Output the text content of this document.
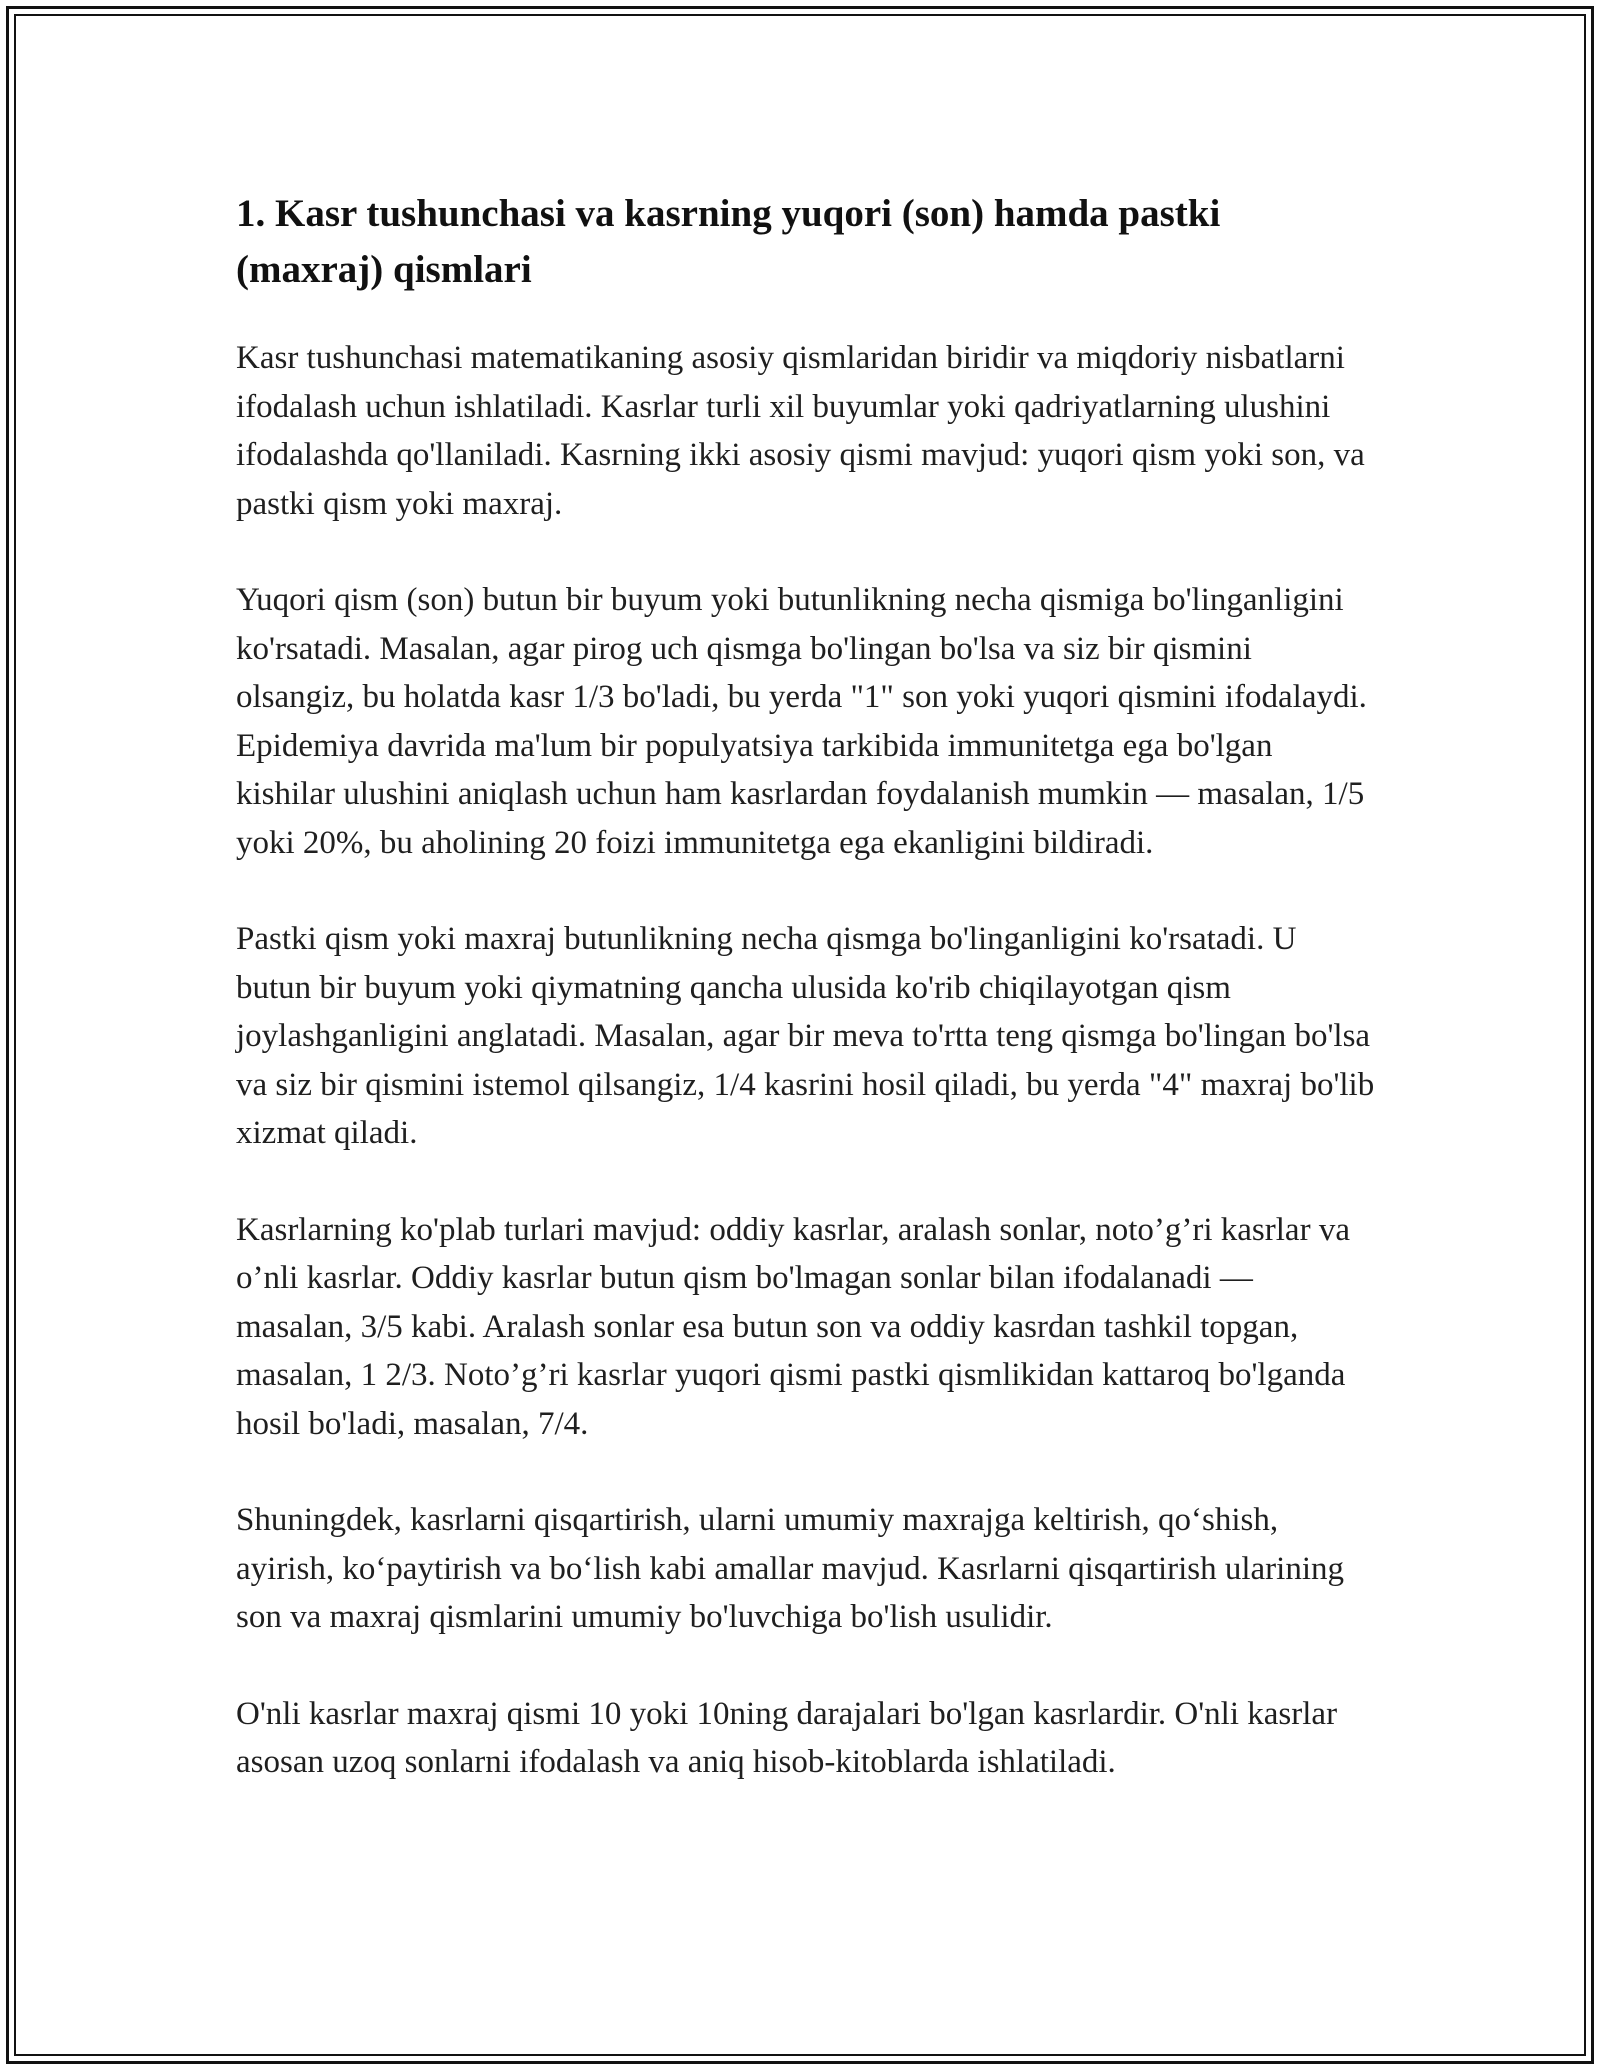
1. Kasr tushunchasi va kasrning yuqori (son) hamda pastki (maxraj) qismlari

Kasr tushunchasi matematikaning asosiy qismlaridan biridir va miqdoriy nisbatlarni ifodalash uchun ishlatiladi. Kasrlar turli xil buyumlar yoki qadriyatlarning ulushini ifodalashda qo'llaniladi. Kasrning ikki asosiy qismi mavjud: yuqori qism yoki son, va pastki qism yoki maxraj.

Yuqori qism (son) butun bir buyum yoki butunlikning necha qismiga bo'linganligini ko'rsatadi. Masalan, agar pirog uch qismga bo'lingan bo'lsa va siz bir qismini olsangiz, bu holatda kasr 1/3 bo'ladi, bu yerda "1" son yoki yuqori qismini ifodalaydi. Epidemiya davrida ma'lum bir populyatsiya tarkibida immunitetga ega bo'lgan kishilar ulushini aniqlash uchun ham kasrlardan foydalanish mumkin — masalan, 1/5 yoki 20%, bu aholining 20 foizi immunitetga ega ekanligini bildiradi.

Pastki qism yoki maxraj butunlikning necha qismga bo'linganligini ko'rsatadi. U butun bir buyum yoki qiymatning qancha ulusida ko'rib chiqilayotgan qism joylashganligini anglatadi. Masalan, agar bir meva to'rtta teng qismga bo'lingan bo'lsa va siz bir qismini istemol qilsangiz, 1/4 kasrini hosil qiladi, bu yerda "4" maxraj bo'lib xizmat qiladi.

Kasrlarning ko'plab turlari mavjud: oddiy kasrlar, aralash sonlar, noto’g’ri kasrlar va o’nli kasrlar. Oddiy kasrlar butun qism bo'lmagan sonlar bilan ifodalanadi — masalan, 3/5 kabi. Aralash sonlar esa butun son va oddiy kasrdan tashkil topgan, masalan, 1 2/3. Noto’g’ri kasrlar yuqori qismi pastki qismlikidan kattaroq bo'lganda hosil bo'ladi, masalan, 7/4.

Shuningdek, kasrlarni qisqartirish, ularni umumiy maxrajga keltirish, qoʻshish, ayirish, koʻpaytirish va boʻlish kabi amallar mavjud. Kasrlarni qisqartirish ularining son va maxraj qismlarini umumiy bo'luvchiga bo'lish usulidir.

O'nli kasrlar maxraj qismi 10 yoki 10ning darajalari bo'lgan kasrlardir. O'nli kasrlar asosan uzoq sonlarni ifodalash va aniq hisob-kitoblarda ishlatiladi.
